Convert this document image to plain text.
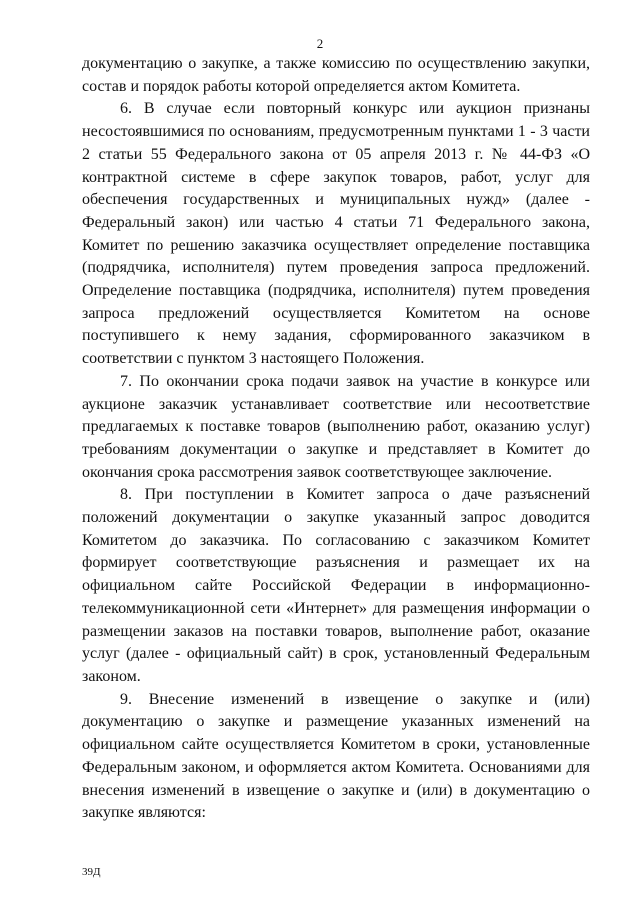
2

документацию о закупке, а также комиссию по осуществлению закупки, состав и порядок работы которой определяется актом Комитета.

6. В случае если повторный конкурс или аукцион признаны несостоявшимися по основаниям, предусмотренным пунктами 1 - 3 части 2 статьи 55 Федерального закона от 05 апреля 2013 г. № 44-ФЗ «О контрактной системе в сфере закупок товаров, работ, услуг для обеспечения государственных и муниципальных нужд» (далее - Федеральный закон) или частью 4 статьи 71 Федерального закона, Комитет по решению заказчика осуществляет определение поставщика (подрядчика, исполнителя) путем проведения запроса предложений. Определение поставщика (подрядчика, исполнителя) путем проведения запроса предложений осуществляется Комитетом на основе поступившего к нему задания, сформированного заказчиком в соответствии с пунктом 3 настоящего Положения.

7. По окончании срока подачи заявок на участие в конкурсе или аукционе заказчик устанавливает соответствие или несоответствие предлагаемых к поставке товаров (выполнению работ, оказанию услуг) требованиям документации о закупке и представляет в Комитет до окончания срока рассмотрения заявок соответствующее заключение.

8. При поступлении в Комитет запроса о даче разъяснений положений документации о закупке указанный запрос доводится Комитетом до заказчика. По согласованию с заказчиком Комитет формирует соответствующие разъяснения и размещает их на официальном сайте Российской Федерации в информационно-телекоммуникационной сети «Интернет» для размещения информации о размещении заказов на поставки товаров, выполнение работ, оказание услуг (далее - официальный сайт) в срок, установленный Федеральным законом.

9. Внесение изменений в извещение о закупке и (или) документацию о закупке и размещение указанных изменений на официальном сайте осуществляется Комитетом в сроки, установленные Федеральным законом, и оформляется актом Комитета. Основаниями для внесения изменений в извещение о закупке и (или) в документацию о закупке являются:

39Д
